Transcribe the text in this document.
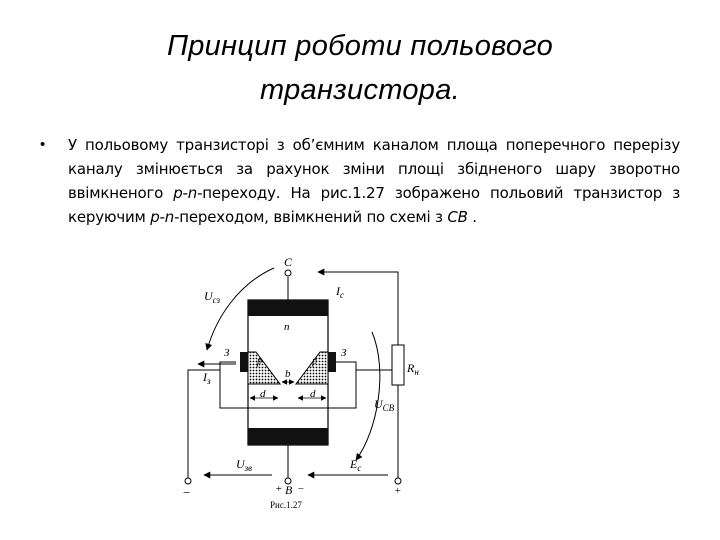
Принцип роботи польового
транзистора.
• У польовому транзисторі з об’ємним каналом площа поперечного перерізу каналу змінюється за рахунок зміни площі збідненого шару зворотно ввімкненого p-n-переходу. На рис.1.27 зображено польовий транзистор з керуючим p-n-переходом, ввімкнений по схемі з СВ .
С
$I_c$
$U_{сз}$
n
З	З
p	p
$I_з$
b
d	d
$R_н$
$U_{CB}$
$U_{зв}$	$E_c$
−	+ B −	+
Рис.1.27
